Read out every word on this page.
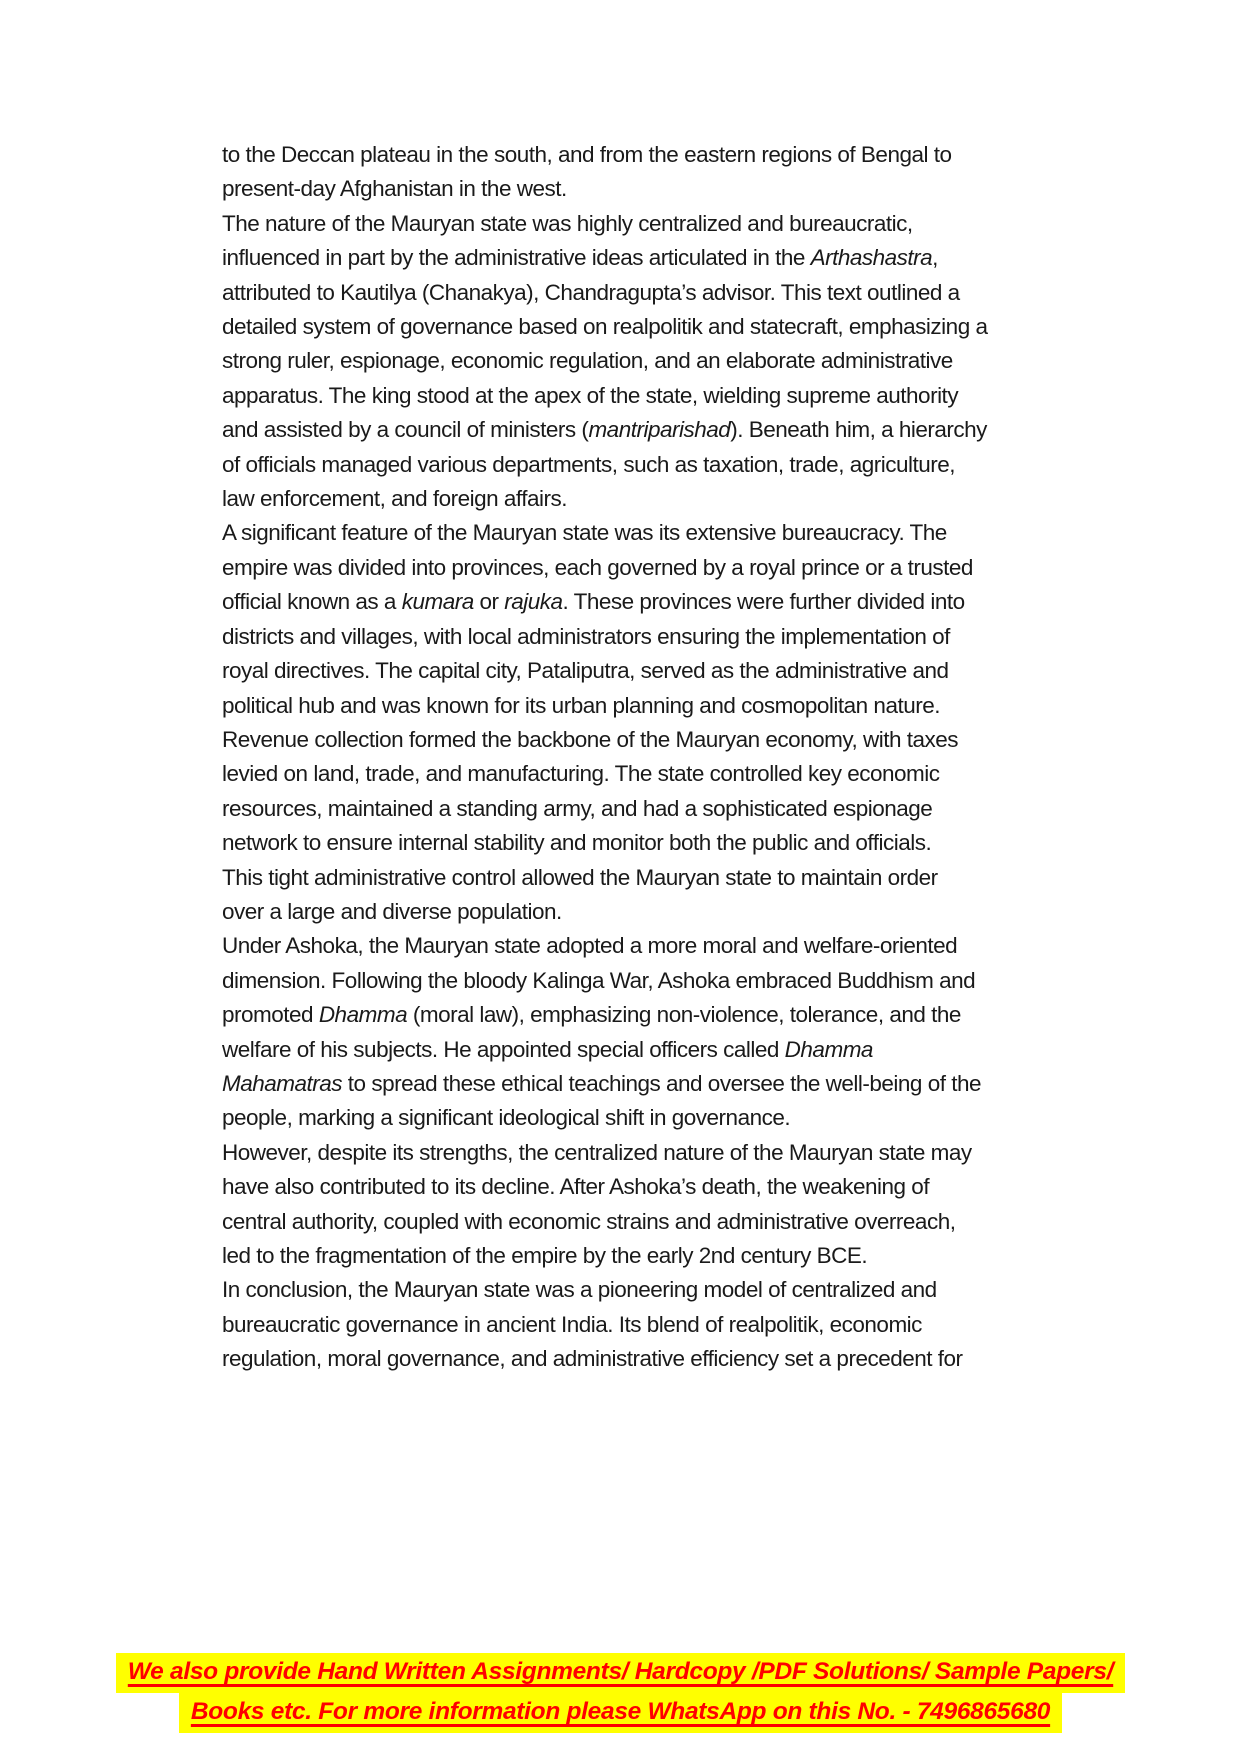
to the Deccan plateau in the south, and from the eastern regions of Bengal to
present-day Afghanistan in the west.
The nature of the Mauryan state was highly centralized and bureaucratic,
influenced in part by the administrative ideas articulated in the Arthashastra,
attributed to Kautilya (Chanakya), Chandragupta’s advisor. This text outlined a
detailed system of governance based on realpolitik and statecraft, emphasizing a
strong ruler, espionage, economic regulation, and an elaborate administrative
apparatus. The king stood at the apex of the state, wielding supreme authority
and assisted by a council of ministers (mantriparishad). Beneath him, a hierarchy
of officials managed various departments, such as taxation, trade, agriculture,
law enforcement, and foreign affairs.
A significant feature of the Mauryan state was its extensive bureaucracy. The
empire was divided into provinces, each governed by a royal prince or a trusted
official known as a kumara or rajuka. These provinces were further divided into
districts and villages, with local administrators ensuring the implementation of
royal directives. The capital city, Pataliputra, served as the administrative and
political hub and was known for its urban planning and cosmopolitan nature.
Revenue collection formed the backbone of the Mauryan economy, with taxes
levied on land, trade, and manufacturing. The state controlled key economic
resources, maintained a standing army, and had a sophisticated espionage
network to ensure internal stability and monitor both the public and officials.
This tight administrative control allowed the Mauryan state to maintain order
over a large and diverse population.
Under Ashoka, the Mauryan state adopted a more moral and welfare-oriented
dimension. Following the bloody Kalinga War, Ashoka embraced Buddhism and
promoted Dhamma (moral law), emphasizing non-violence, tolerance, and the
welfare of his subjects. He appointed special officers called Dhamma
Mahamatras to spread these ethical teachings and oversee the well-being of the
people, marking a significant ideological shift in governance.
However, despite its strengths, the centralized nature of the Mauryan state may
have also contributed to its decline. After Ashoka’s death, the weakening of
central authority, coupled with economic strains and administrative overreach,
led to the fragmentation of the empire by the early 2nd century BCE.
In conclusion, the Mauryan state was a pioneering model of centralized and
bureaucratic governance in ancient India. Its blend of realpolitik, economic
regulation, moral governance, and administrative efficiency set a precedent for
We also provide Hand Written Assignments/ Hardcopy /PDF Solutions/ Sample Papers/
Books etc. For more information please WhatsApp on this No. - 7496865680
